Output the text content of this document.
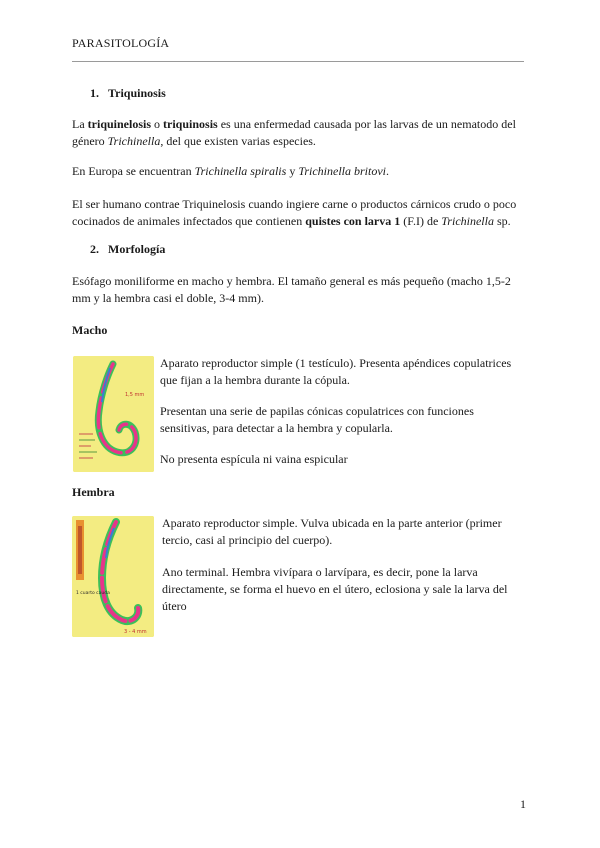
PARASITOLOGÍA
1. Triquinosis
La triquinelosis o triquinosis es una enfermedad causada por las larvas de un nematodo del
género Trichinella, del que existen varias especies.
En Europa se encuentran Trichinella spiralis y Trichinella britovi.
El ser humano contrae Triquinelosis cuando ingiere carne o productos cárnicos crudo o poco
cocinados de animales infectados que contienen quistes con larva 1 (F.I) de Trichinella sp.
2. Morfología
Esófago moniliforme en macho y hembra. El tamaño general es más pequeño (macho 1,5-2
mm y la hembra casi el doble, 3-4 mm).
Macho
1,5 mm
Aparato reproductor simple (1 testículo). Presenta apéndices copulatrices
que fijan a la hembra durante la cópula.
Presentan una serie de papilas cónicas copulatrices con funciones
sensitivas, para detectar a la hembra y copularla.
No presenta espícula ni vaina espicular
Hembra
1 cuarto cauda
3 - 4 mm
Aparato reproductor simple. Vulva ubicada en la parte anterior (primer
tercio, casi al principio del cuerpo).
Ano terminal. Hembra vivípara o larvípara, es decir, pone la larva
directamente, se forma el huevo en el útero, eclosiona y sale la larva del
útero
1
